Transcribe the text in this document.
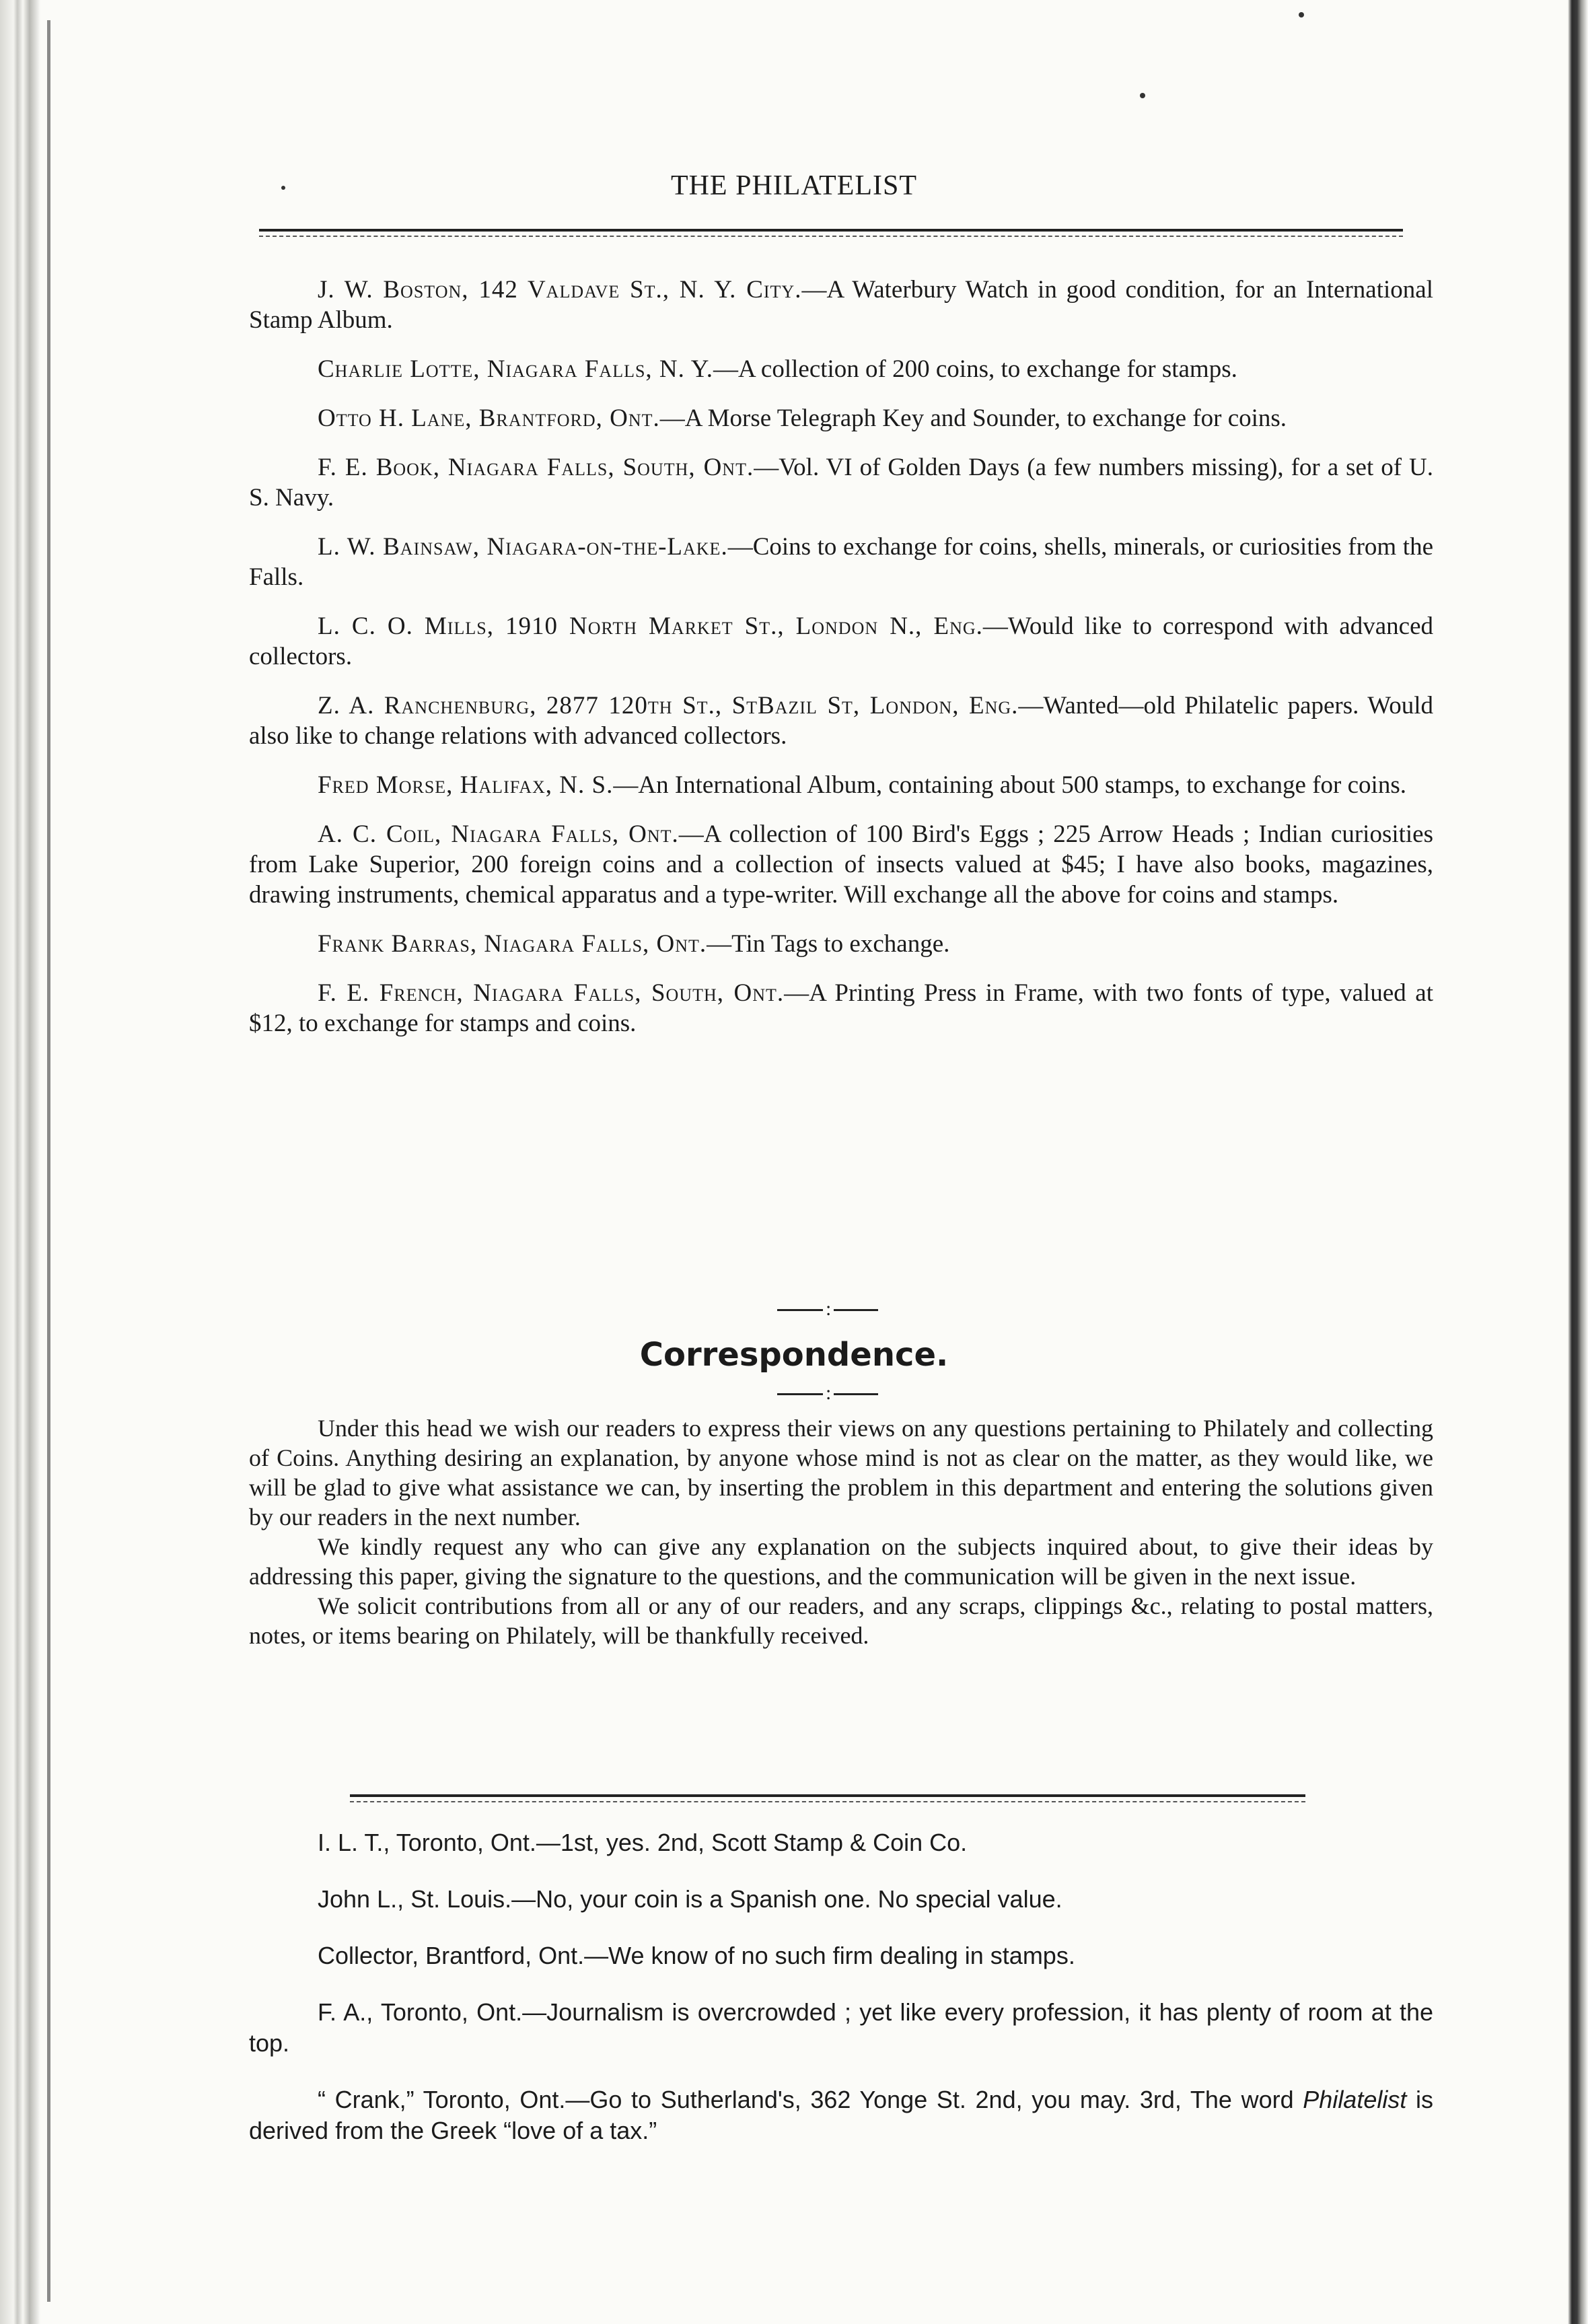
THE PHILATELIST

J. W. Boston, 142 Valdave St., N. Y. City.—A Waterbury Watch in good condition, for an International Stamp Album.

Charlie Lotte, Niagara Falls, N. Y.—A collection of 200 coins, to exchange for stamps.

Otto H. Lane, Brantford, Ont.—A Morse Telegraph Key and Sounder, to exchange for coins.

F. E. Book, Niagara Falls, South, Ont.—Vol. VI of Golden Days (a few numbers missing), for a set of U. S. Navy.

L. W. Bainsaw, Niagara-on-the-Lake.—Coins to exchange for coins, shells, minerals, or curiosities from the Falls.

L. C. O. Mills, 1910 North Market St., London N., Eng.—Would like to correspond with advanced collectors.

Z. A. Ranchenburg, 2877 120th St., StBazil St, London, Eng.—Wanted—old Philatelic papers. Would also like to change relations with advanced collectors.

Fred Morse, Halifax, N. S.—An International Album, containing about 500 stamps, to exchange for coins.

A. C. Coil, Niagara Falls, Ont.—A collection of 100 Bird's Eggs ; 225 Arrow Heads ; Indian curiosities from Lake Superior, 200 foreign coins and a collection of insects valued at $45; I have also books, magazines, drawing instruments, chemical apparatus and a type-writer. Will exchange all the above for coins and stamps.

Frank Barras, Niagara Falls, Ont.—Tin Tags to exchange.

F. E. French, Niagara Falls, South, Ont.—A Printing Press in Frame, with two fonts of type, valued at $12, to exchange for stamps and coins.

:
Correspondence.
:

Under this head we wish our readers to express their views on any questions pertaining to Philately and collecting of Coins. Anything desiring an explanation, by anyone whose mind is not as clear on the matter, as they would like, we will be glad to give what assistance we can, by inserting the problem in this department and entering the solutions given by our readers in the next number.

We kindly request any who can give any explanation on the subjects inquired about, to give their ideas by addressing this paper, giving the signature to the questions, and the communication will be given in the next issue.

We solicit contributions from all or any of our readers, and any scraps, clippings &c., relating to postal matters, notes, or items bearing on Philately, will be thankfully received.

I. L. T., Toronto, Ont.—1st, yes. 2nd, Scott Stamp & Coin Co.

John L., St. Louis.—No, your coin is a Spanish one. No special value.

Collector, Brantford, Ont.—We know of no such firm dealing in stamps.

F. A., Toronto, Ont.—Journalism is overcrowded ; yet like every profession, it has plenty of room at the top.

“ Crank,” Toronto, Ont.—Go to Sutherland's, 362 Yonge St. 2nd, you may. 3rd, The word Philatelist is derived from the Greek “love of a tax.”
